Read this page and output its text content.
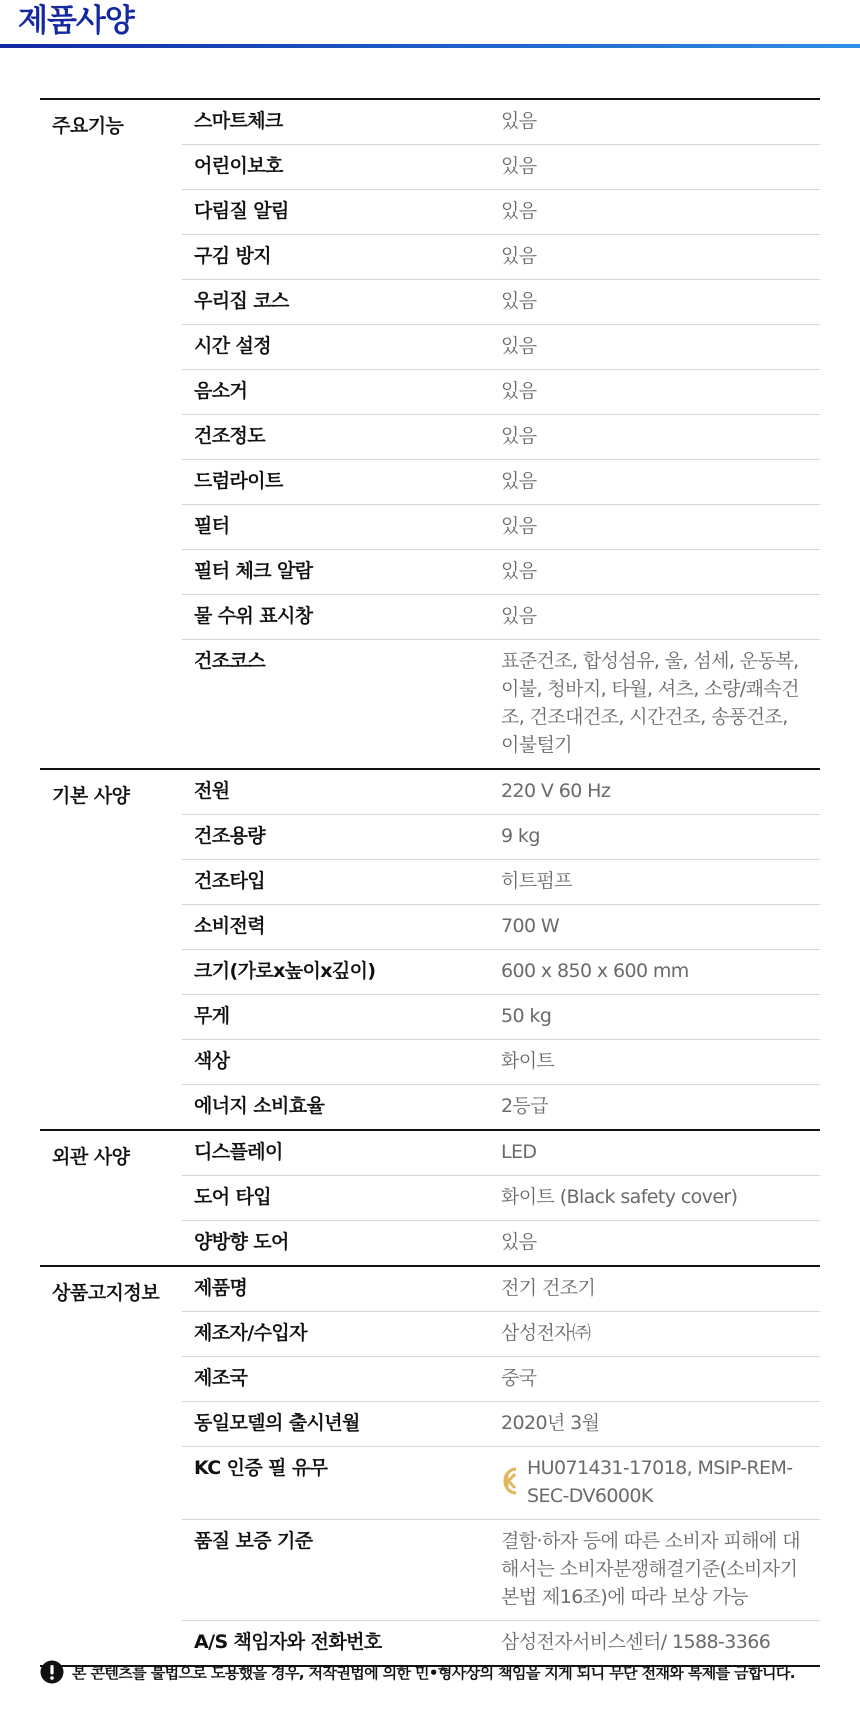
제품사양
주요기능	스마트체크	있음
어린이보호	있음
다림질 알림	있음
구김 방지	있음
우리집 코스	있음
시간 설정	있음
음소거	있음
건조정도	있음
드럼라이트	있음
필터	있음
필터 체크 알람	있음
물 수위 표시창	있음
건조코스	표준건조, 합성섬유, 울, 섬세, 운동복, 이불, 청바지, 타월, 셔츠, 소량/쾌속건조, 건조대건조, 시간건조, 송풍건조, 이불털기
기본 사양	전원	220 V 60 Hz
건조용량	9 kg
건조타입	히트펌프
소비전력	700 W
크기(가로x높이x깊이)	600 x 850 x 600 mm
무게	50 kg
색상	화이트
에너지 소비효율	2등급
외관 사양	디스플레이	LED
도어 타입	화이트 (Black safety cover)
양방향 도어	있음
상품고지정보	제품명	전기 건조기
제조자/수입자	삼성전자㈜
제조국	중국
동일모델의 출시년월	2020년 3월
KC 인증 필 유무	HU071431-17018, MSIP-REM-SEC-DV6000K
품질 보증 기준	결함·하자 등에 따른 소비자 피해에 대해서는 소비자분쟁해결기준(소비자기본법 제16조)에 따라 보상 가능
A/S 책임자와 전화번호	삼성전자서비스센터/ 1588-3366
본 콘텐츠를 불법으로 도용했을 경우, 저작권법에 의한 민•형사상의 책임을 지게 되니 무단 전재와 복제를 금합니다.
